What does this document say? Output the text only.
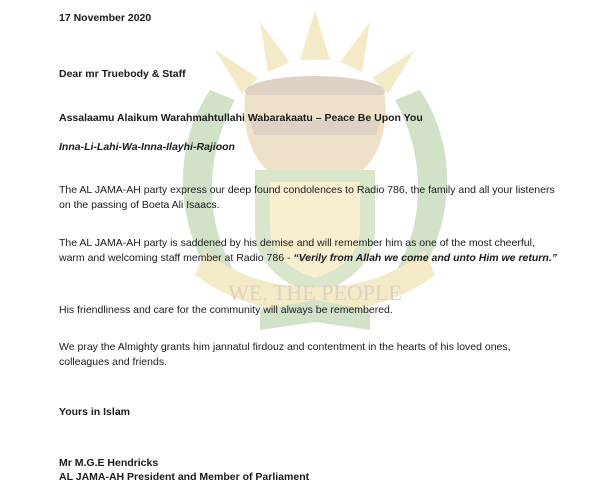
WE, THE PEOPLE
17 November 2020
Dear mr Truebody & Staff
Assalaamu Alaikum Warahmahtullahi Wabarakaatu – Peace Be Upon You
Inna-Li-Lahi-Wa-Inna-Ilayhi-Rajioon
The AL JAMA-AH party express our deep found condolences to Radio 786, the family and all your listeners on the passing of Boeta Ali Isaacs.
The AL JAMA-AH party is saddened by his demise and will remember him as one of the most cheerful, warm and welcoming staff member at Radio 786 - “Verily from Allah we come and unto Him we return.”
His friendliness and care for the community will always be remembered.
We pray the Almighty grants him jannatul firdouz and contentment in the hearts of his loved ones, colleagues and friends.
Yours in Islam
Mr M.G.E Hendricks
AL JAMA-AH President and Member of Parliament
